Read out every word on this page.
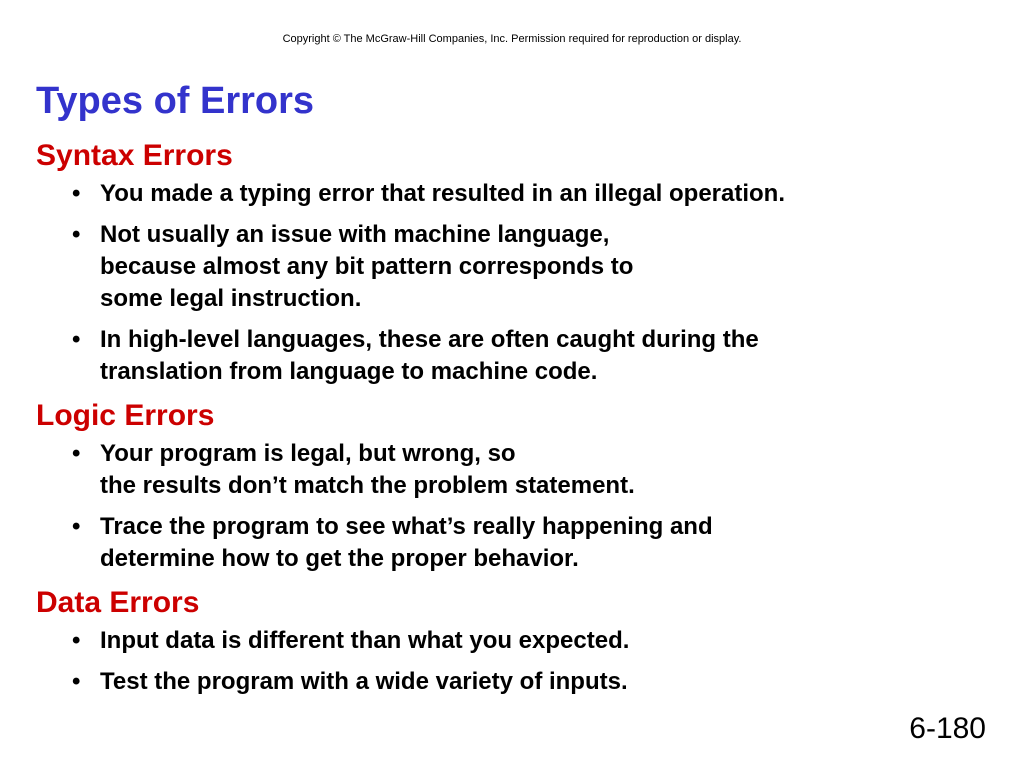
Copyright © The McGraw-Hill Companies, Inc. Permission required for reproduction or display.
Types of Errors
Syntax Errors
• You made a typing error that resulted in an illegal operation.
• Not usually an issue with machine language,
because almost any bit pattern corresponds to
some legal instruction.
• In high-level languages, these are often caught during the
translation from language to machine code.
Logic Errors
• Your program is legal, but wrong, so
the results don’t match the problem statement.
• Trace the program to see what’s really happening and
determine how to get the proper behavior.
Data Errors
• Input data is different than what you expected.
• Test the program with a wide variety of inputs.
6-180
